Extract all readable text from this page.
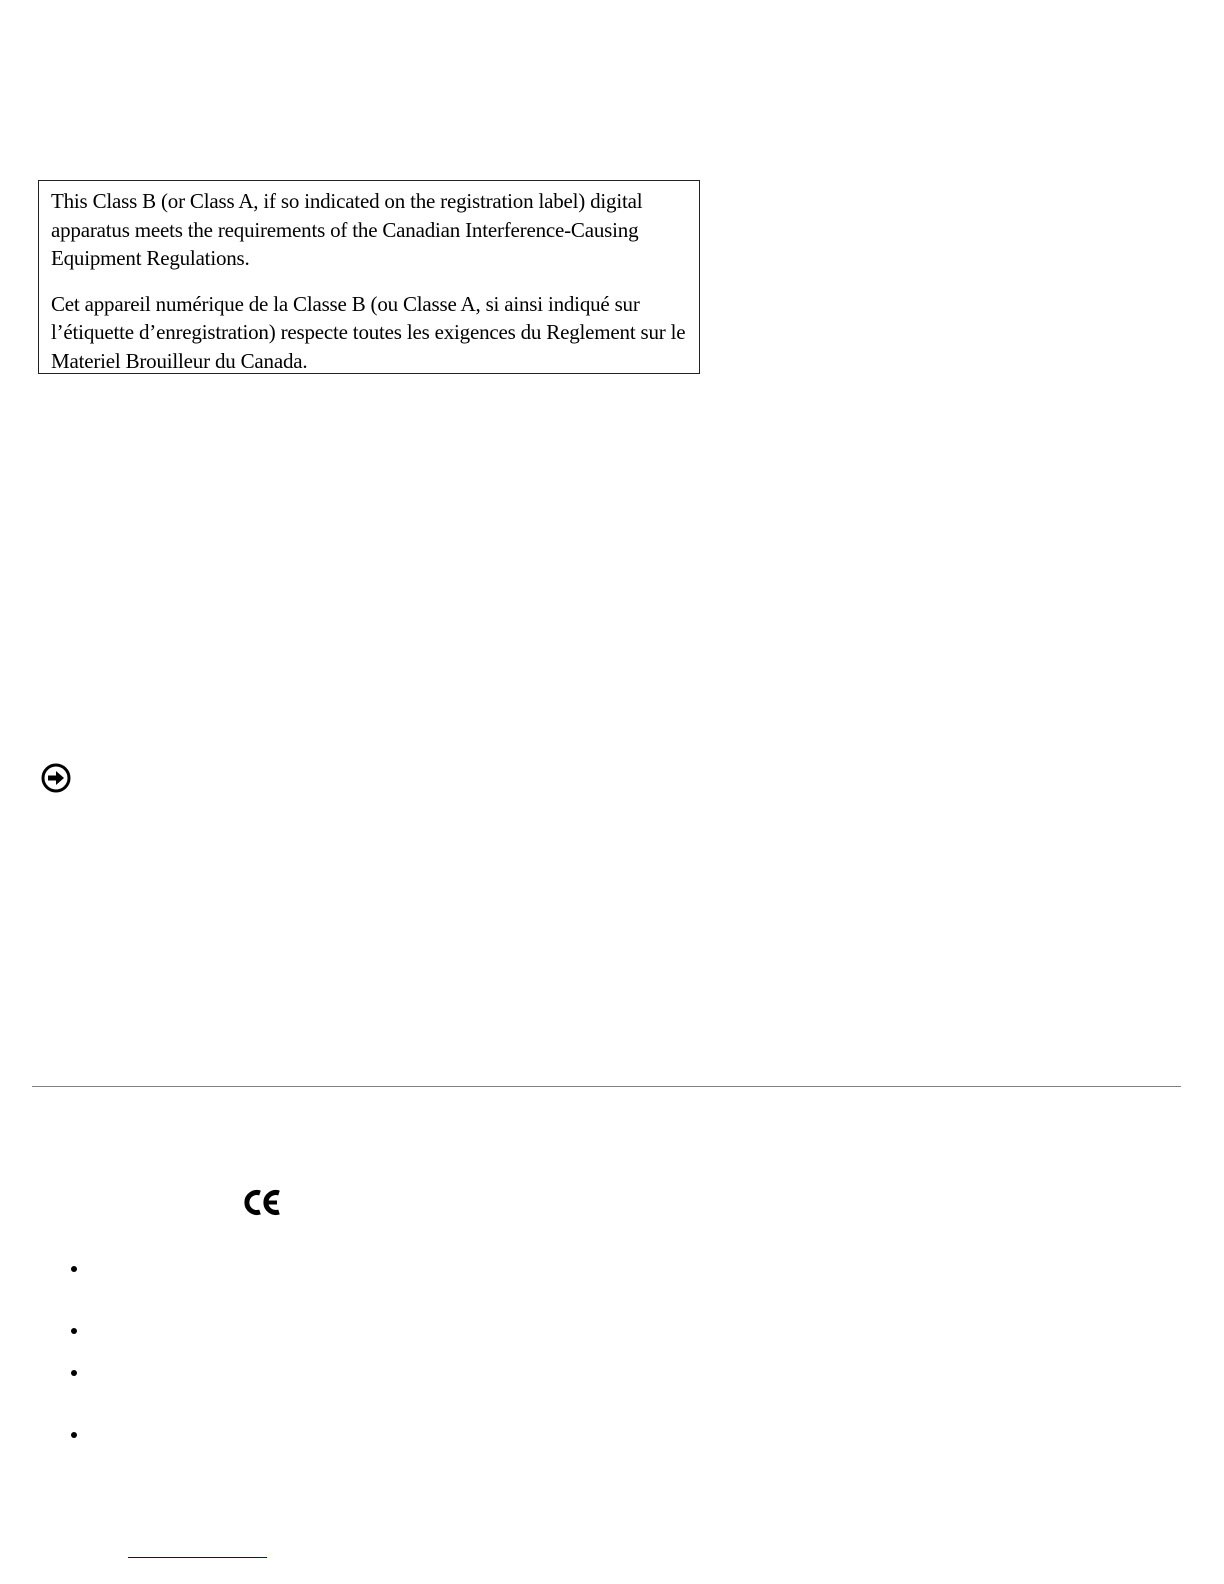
This Class B (or Class A, if so indicated on the registration label) digital apparatus meets the requirements of the Canadian Interference-Causing Equipment Regulations.

Cet appareil numérique de la Classe B (ou Classe A, si ainsi indiqué sur l’étiquette d’enregistration) respecte toutes les exigences du Reglement sur le Materiel Brouilleur du Canada.
